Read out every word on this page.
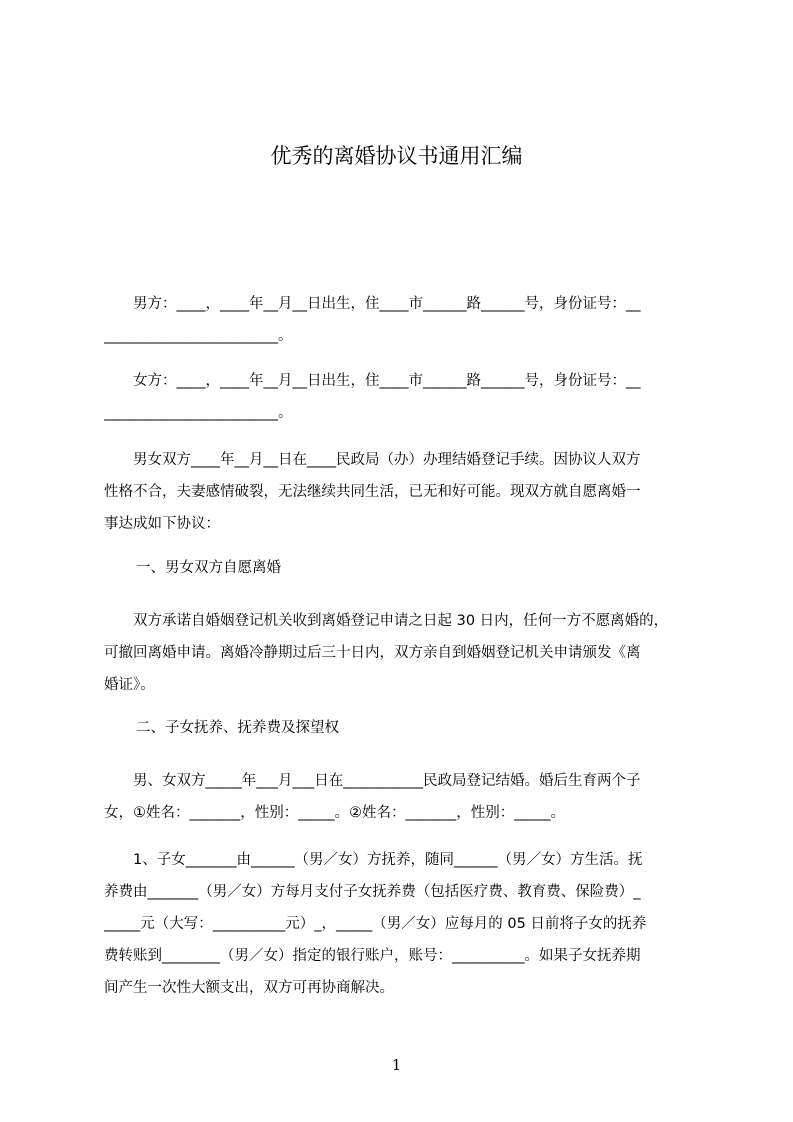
优秀的离婚协议书通用汇编
　　男方：____，____年__月__日出生，住____市______路______号，身份证号：__
________________________。
　　女方：____，____年__月__日出生，住____市______路______号，身份证号：__
________________________。
　　男女双方____年__月__日在____民政局（办）办理结婚登记手续。因协议人双方
性格不合，夫妻感情破裂，无法继续共同生活，已无和好可能。现双方就自愿离婚一
事达成如下协议：
一、男女双方自愿离婚
　　双方承诺自婚姻登记机关收到离婚登记申请之日起 30 日内，任何一方不愿离婚的，
可撤回离婚申请。离婚冷静期过后三十日内，双方亲自到婚姻登记机关申请颁发《离
婚证》。
二、子女抚养、抚养费及探望权
　　男、女双方_____年___月___日在___________民政局登记结婚。婚后生育两个子
女，①姓名：_______，性别：_____。②姓名：_______，性别：_____。
　　1、子女_______由______（男／女）方抚养，随同______（男／女）方生活。抚
养费由_______（男／女）方每月支付子女抚养费（包括医疗费、教育费、保险费）_
_____元（大写：__________元）_，_____（男／女）应每月的 05 日前将子女的抚养
费转账到________（男／女）指定的银行账户，账号：__________。如果子女抚养期
间产生一次性大额支出，双方可再协商解决。
1
